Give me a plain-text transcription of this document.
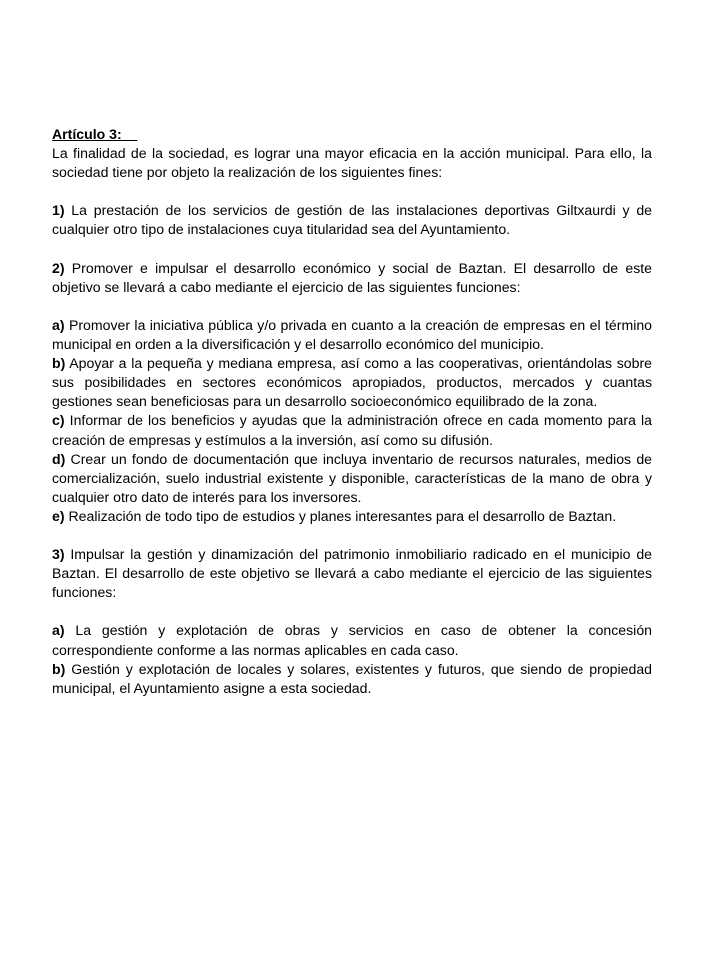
Artículo 3:

La finalidad de la sociedad, es lograr una mayor eficacia en la acción municipal. Para ello, la sociedad tiene por objeto la realización de los siguientes fines:

1) La prestación de los servicios de gestión de las instalaciones deportivas Giltxaurdi y de cualquier otro tipo de instalaciones cuya titularidad sea del Ayuntamiento.

2) Promover e impulsar el desarrollo económico y social de Baztan. El desarrollo de este objetivo se llevará a cabo mediante el ejercicio de las siguientes funciones:

a) Promover la iniciativa pública y/o privada en cuanto a la creación de empresas en el término municipal en orden a la diversificación y el desarrollo económico del municipio.

b) Apoyar a la pequeña y mediana empresa, así como a las cooperativas, orientándolas sobre sus posibilidades en sectores económicos apropiados, productos, mercados y cuantas gestiones sean beneficiosas para un desarrollo socioeconómico equilibrado de la zona.

c) Informar de los beneficios y ayudas que la administración ofrece en cada momento para la creación de empresas y estímulos a la inversión, así como su difusión.

d) Crear un fondo de documentación que incluya inventario de recursos naturales, medios de comercialización, suelo industrial existente y disponible, características de la mano de obra y cualquier otro dato de interés para los inversores.

e) Realización de todo tipo de estudios y planes interesantes para el desarrollo de Baztan.

3) Impulsar la gestión y dinamización del patrimonio inmobiliario radicado en el municipio de Baztan. El desarrollo de este objetivo se llevará a cabo mediante el ejercicio de las siguientes funciones:

a) La gestión y explotación de obras y servicios en caso de obtener la concesión correspondiente conforme a las normas aplicables en cada caso.

b) Gestión y explotación de locales y solares, existentes y futuros, que siendo de propiedad municipal, el Ayuntamiento asigne a esta sociedad.
